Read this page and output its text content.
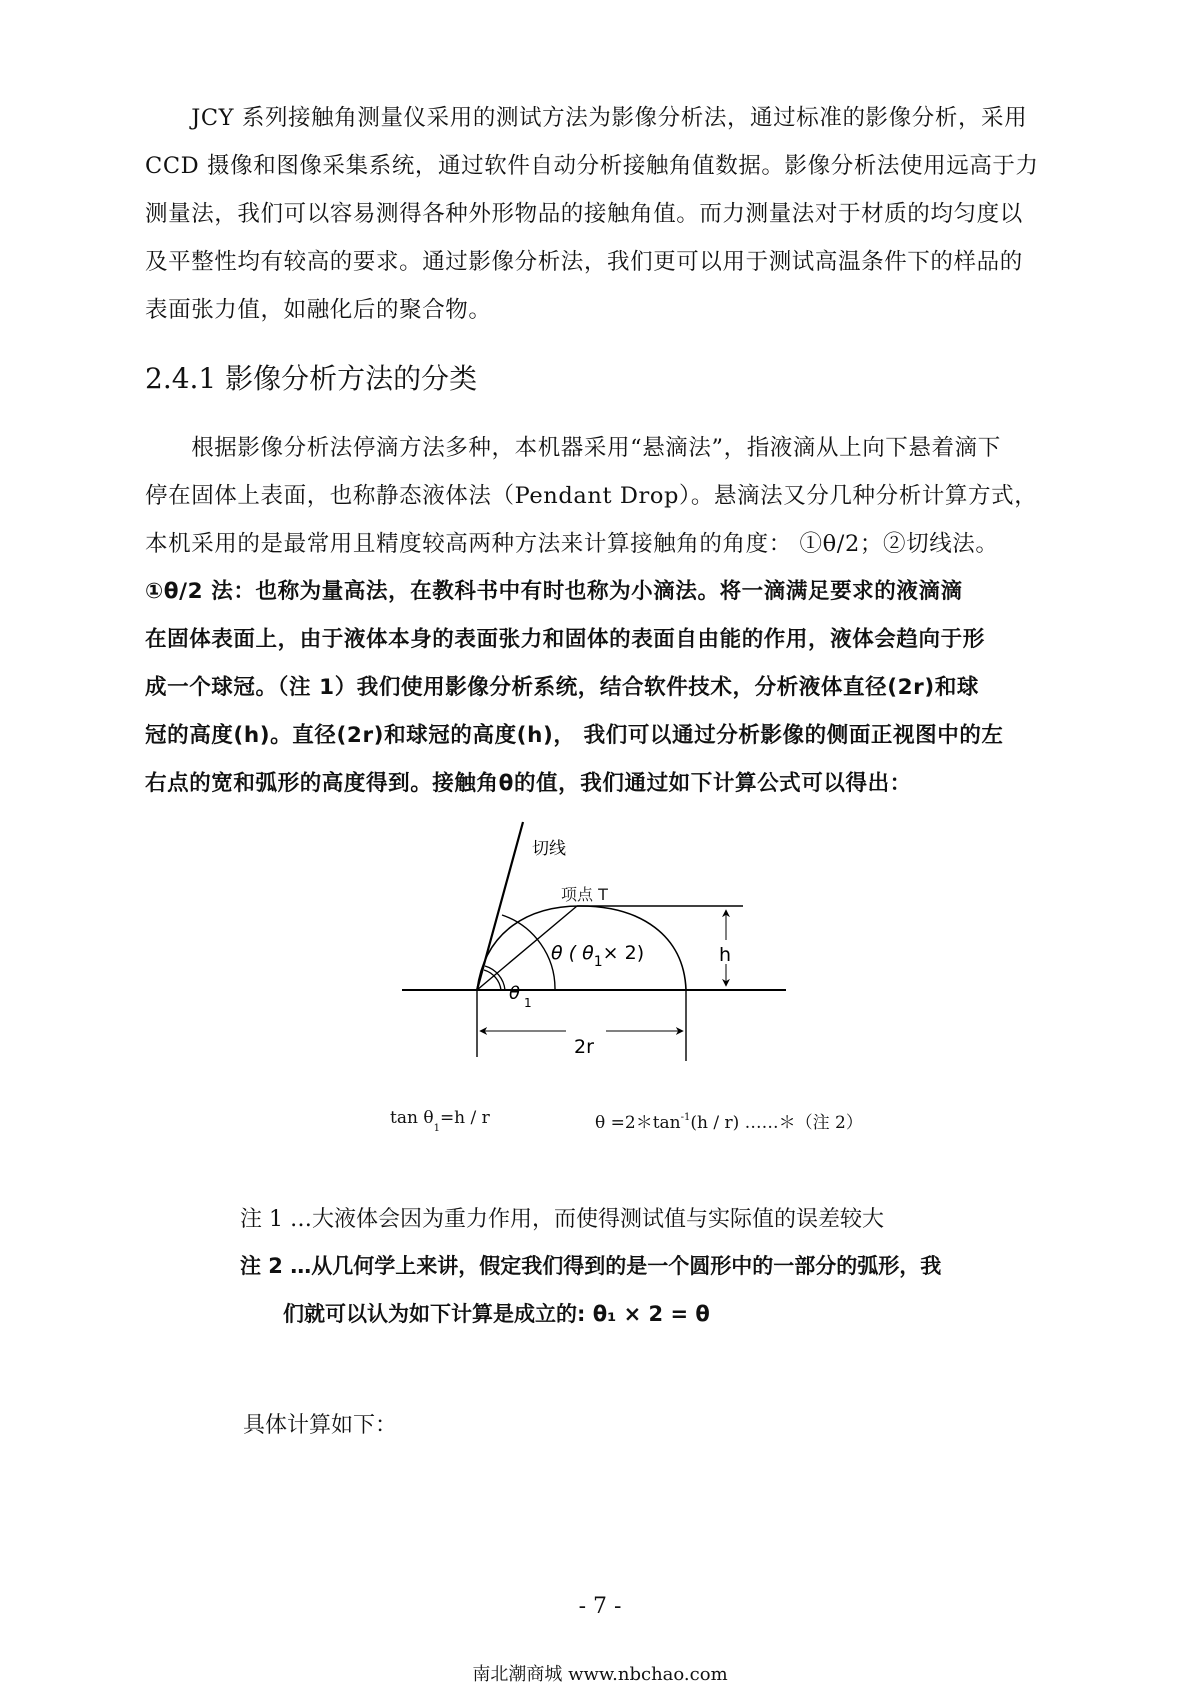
　　JCY 系列接触角测量仪采用的测试方法为影像分析法，通过标准的影像分析，采用
CCD 摄像和图像采集系统，通过软件自动分析接触角值数据。影像分析法使用远高于力
测量法，我们可以容易测得各种外形物品的接触角值。而力测量法对于材质的均匀度以
及平整性均有较高的要求。通过影像分析法，我们更可以用于测试高温条件下的样品的
表面张力值，如融化后的聚合物。
2.4.1 影像分析方法的分类
　　根据影像分析法停滴方法多种，本机器采用“悬滴法”，指液滴从上向下悬着滴下
停在固体上表面，也称静态液体法（Pendant Drop）。悬滴法又分几种分析计算方式，
本机采用的是最常用且精度较高两种方法来计算接触角的角度： ①θ/2；②切线法。
①θ/2 法：也称为量高法，在教科书中有时也称为小滴法。将一滴满足要求的液滴滴
在固体表面上，由于液体本身的表面张力和固体的表面自由能的作用，液体会趋向于形
成一个球冠。（注 1）我们使用影像分析系统，结合软件技术，分析液体直径(2r)和球
冠的高度(h)。直径(2r)和球冠的高度(h)， 我们可以通过分析影像的侧面正视图中的左
右点的宽和弧形的高度得到。接触角θ的值，我们通过如下计算公式可以得出：
切线
项点 T
θ ( $\theta_1\times 2$)
θ $_1$
h
2r
$\tan \theta_1=h / r$	$\theta =2*\tan^{-1}(h / r)$ ……＊（注 2）
注 1 …大液体会因为重力作用，而使得测试值与实际值的误差较大
注 2 …从几何学上来讲，假定我们得到的是一个圆形中的一部分的弧形，我
们就可以认为如下计算是成立的: θ₁ × 2 = θ
具体计算如下：
- 7 -
南北潮商城 www.nbchao.com
